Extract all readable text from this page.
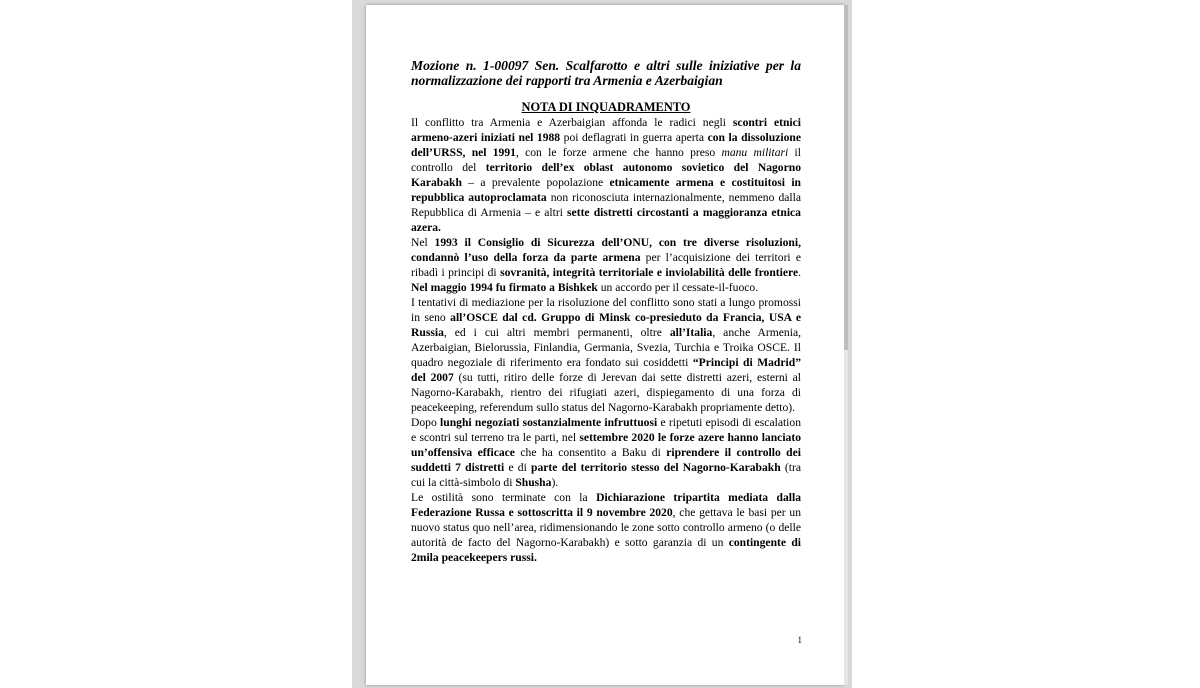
Mozione n. 1-00097 Sen. Scalfarotto e altri sulle iniziative per la normalizzazione dei rapporti tra Armenia e Azerbaigian

NOTA DI INQUADRAMENTO

Il conflitto tra Armenia e Azerbaigian affonda le radici negli scontri etnici armeno-azeri iniziati nel 1988 poi deflagrati in guerra aperta con la dissoluzione dell’URSS, nel 1991, con le forze armene che hanno preso manu militari il controllo del territorio dell’ex oblast autonomo sovietico del Nagorno Karabakh – a prevalente popolazione etnicamente armena e costituitosi in repubblica autoproclamata non riconosciuta internazionalmente, nemmeno dalla Repubblica di Armenia – e altri sette distretti circostanti a maggioranza etnica azera.

Nel 1993 il Consiglio di Sicurezza dell’ONU, con tre diverse risoluzioni, condannò l’uso della forza da parte armena per l’acquisizione dei territori e ribadì i principi di sovranità, integrità territoriale e inviolabilità delle frontiere. Nel maggio 1994 fu firmato a Bishkek un accordo per il cessate-il-fuoco.

I tentativi di mediazione per la risoluzione del conflitto sono stati a lungo promossi in seno all’OSCE dal cd. Gruppo di Minsk co-presieduto da Francia, USA e Russia, ed i cui altri membri permanenti, oltre all’Italia, anche Armenia, Azerbaigian, Bielorussia, Finlandia, Germania, Svezia, Turchia e Troika OSCE. Il quadro negoziale di riferimento era fondato sui cosiddetti “Principi di Madrid” del 2007 (su tutti, ritiro delle forze di Jerevan dai sette distretti azeri, esterni al Nagorno-Karabakh, rientro dei rifugiati azeri, dispiegamento di una forza di peacekeeping, referendum sullo status del Nagorno-Karabakh propriamente detto).

Dopo lunghi negoziati sostanzialmente infruttuosi e ripetuti episodi di escalation e scontri sul terreno tra le parti, nel settembre 2020 le forze azere hanno lanciato un’offensiva efficace che ha consentito a Baku di riprendere il controllo dei suddetti 7 distretti e di parte del territorio stesso del Nagorno-Karabakh (tra cui la città-simbolo di Shusha).

Le ostilità sono terminate con la Dichiarazione tripartita mediata dalla Federazione Russa e sottoscritta il 9 novembre 2020, che gettava le basi per un nuovo status quo nell’area, ridimensionando le zone sotto controllo armeno (o delle autorità de facto del Nagorno-Karabakh) e sotto garanzia di un contingente di 2mila peacekeepers russi.

1
